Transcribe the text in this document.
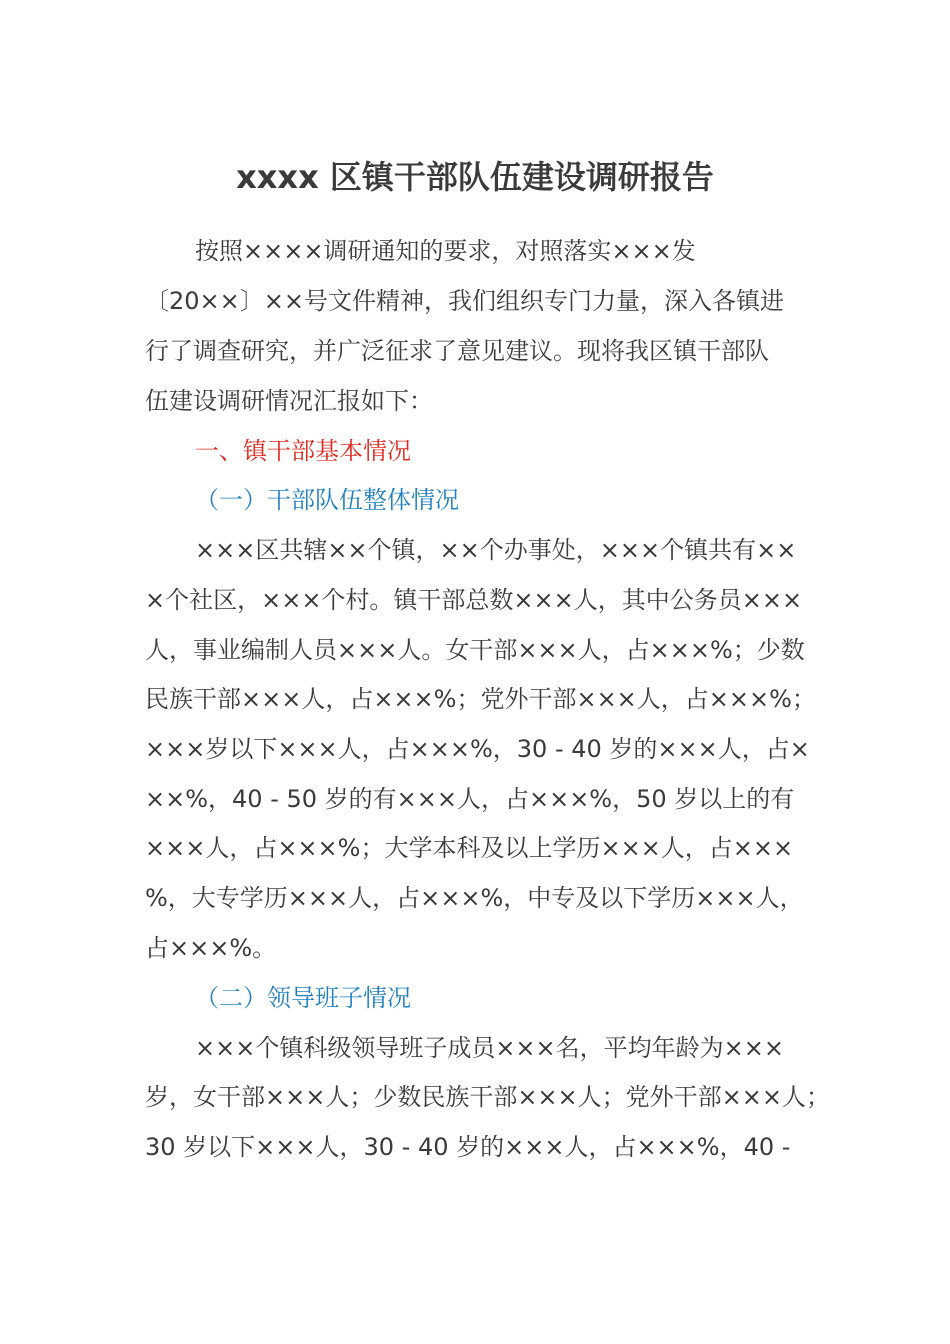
xxxx 区镇干部队伍建设调研报告
按照××××调研通知的要求，对照落实×××发
〔20××〕××号文件精神，我们组织专门力量，深入各镇进
行了调查研究，并广泛征求了意见建议。现将我区镇干部队
伍建设调研情况汇报如下：
一、镇干部基本情况
（一）干部队伍整体情况
×××区共辖××个镇，××个办事处，×××个镇共有××
×个社区，×××个村。镇干部总数×××人，其中公务员×××
人，事业编制人员×××人。女干部×××人，占×××%；少数
民族干部×××人，占×××%；党外干部×××人，占×××%；
×××岁以下×××人，占×××%，30 - 40 岁的×××人，占×
××%，40 - 50 岁的有×××人，占×××%，50 岁以上的有
×××人，占×××%；大学本科及以上学历×××人，占×××
%，大专学历×××人，占×××%，中专及以下学历×××人，
占×××%。
（二）领导班子情况
×××个镇科级领导班子成员×××名，平均年龄为×××
岁，女干部×××人；少数民族干部×××人；党外干部×××人；
30 岁以下×××人，30 - 40 岁的×××人，占×××%，40 -
